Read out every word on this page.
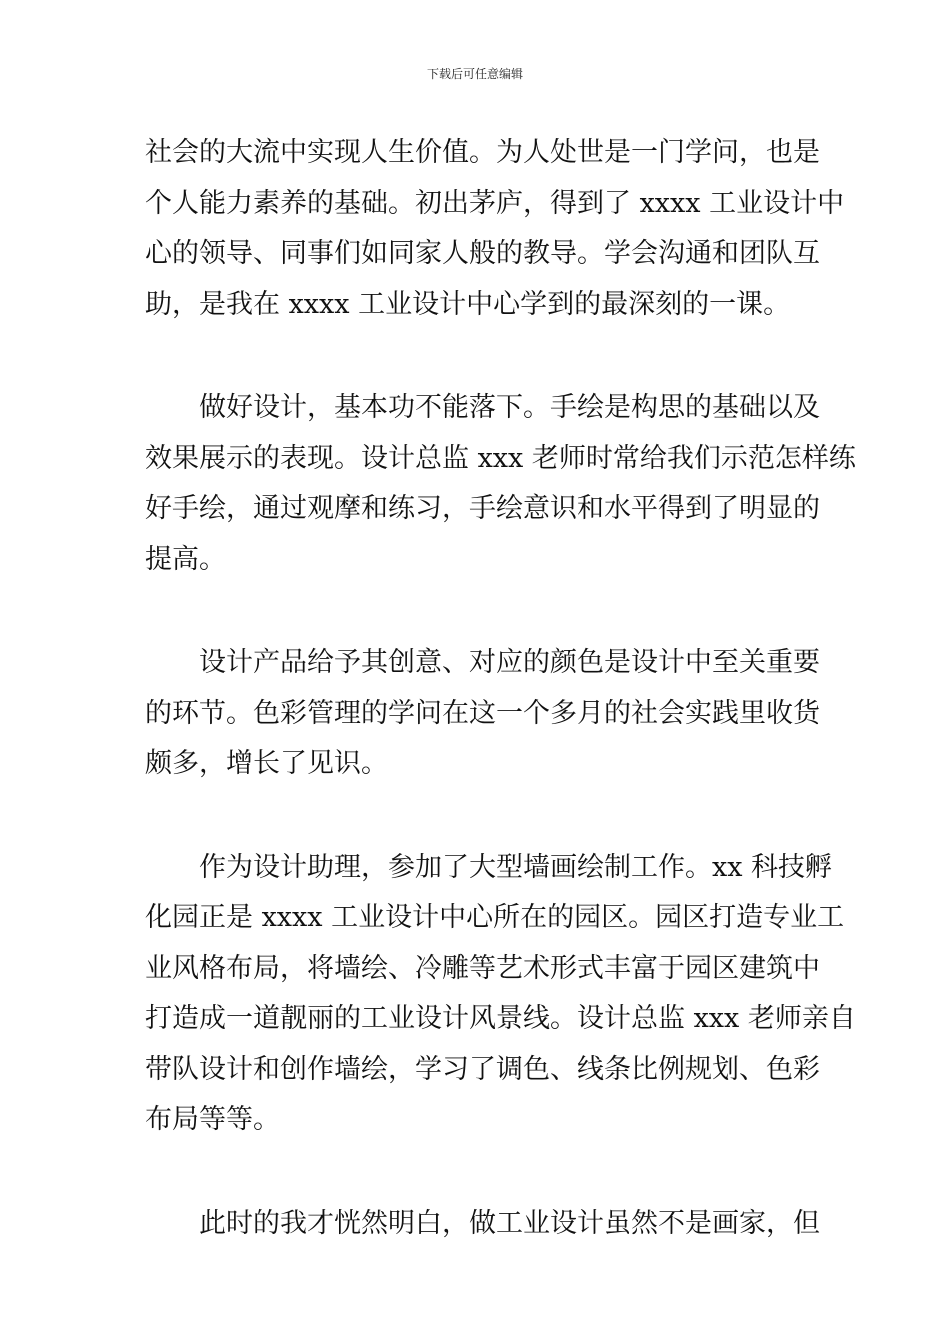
下载后可任意编辑

社会的大流中实现人生价值。为人处世是一门学问，也是
个人能力素养的基础。初出茅庐，得到了 xxxx 工业设计中
心的领导、同事们如同家人般的教导。学会沟通和团队互
助，是我在 xxxx 工业设计中心学到的最深刻的一课。

做好设计，基本功不能落下。手绘是构思的基础以及
效果展示的表现。设计总监 xxx 老师时常给我们示范怎样练
好手绘，通过观摩和练习，手绘意识和水平得到了明显的
提高。

设计产品给予其创意、对应的颜色是设计中至关重要
的环节。色彩管理的学问在这一个多月的社会实践里收货
颇多，增长了见识。

作为设计助理，参加了大型墙画绘制工作。xx 科技孵
化园正是 xxxx 工业设计中心所在的园区。园区打造专业工
业风格布局，将墙绘、冷雕等艺术形式丰富于园区建筑中
打造成一道靓丽的工业设计风景线。设计总监 xxx 老师亲自
带队设计和创作墙绘，学习了调色、线条比例规划、色彩
布局等等。

此时的我才恍然明白，做工业设计虽然不是画家，但
